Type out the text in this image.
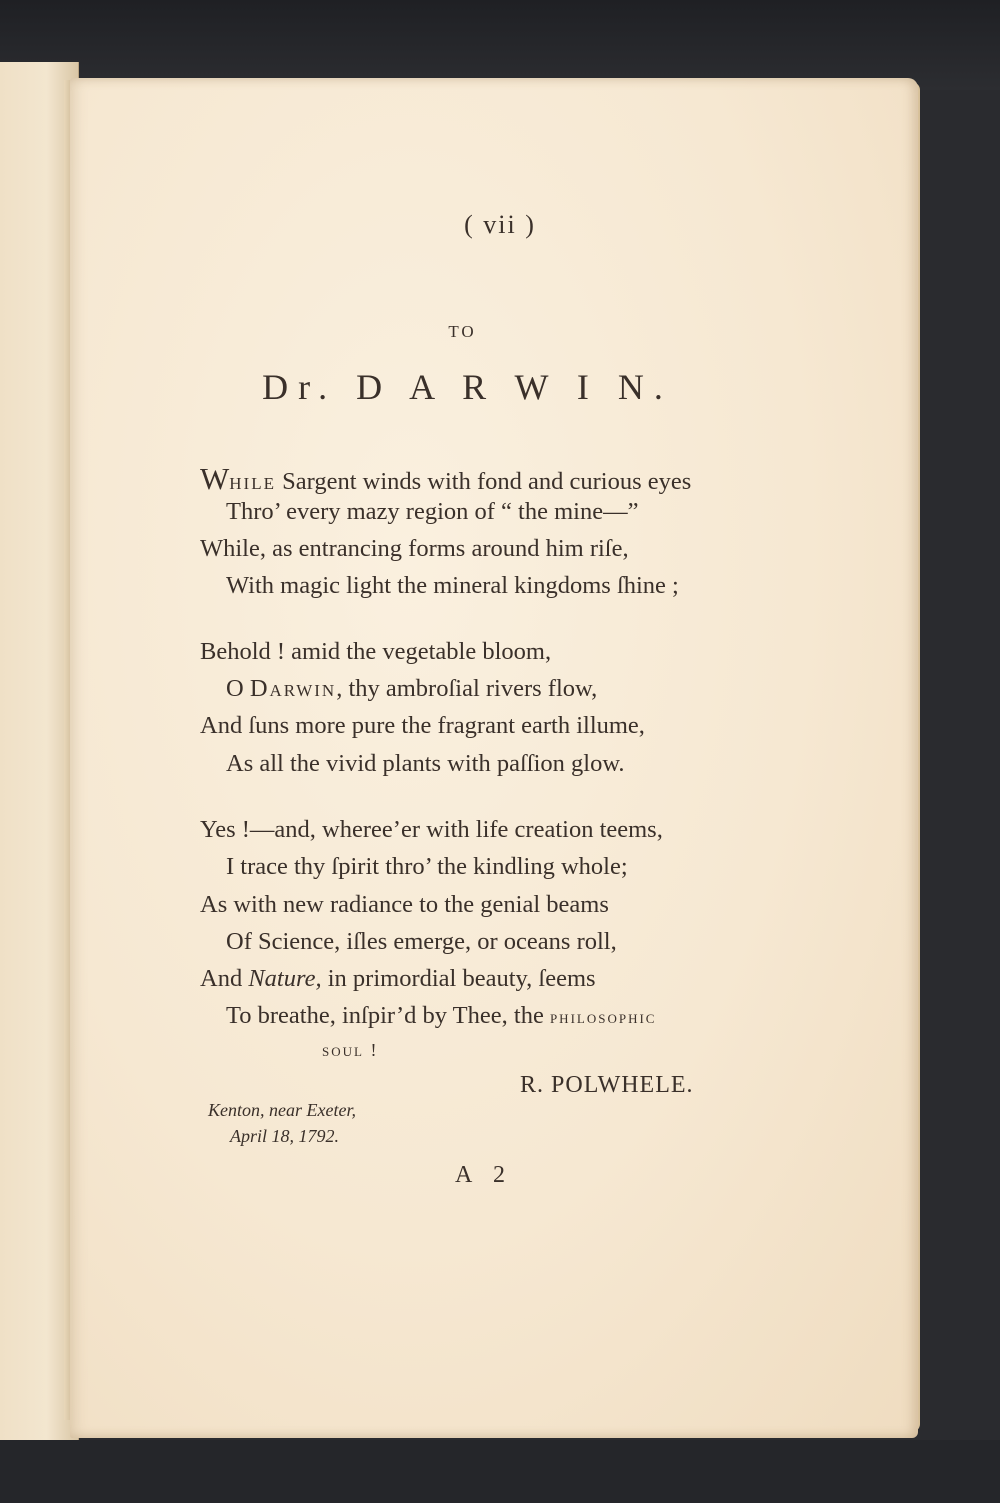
( vii )
TO
Dr. D A R W I N.
While Sargent winds with fond and curious eyes
Thro’ every mazy region of “ the mine—”
While, as entrancing forms around him riſe,
With magic light the mineral kingdoms ſhine ;
Behold ! amid the vegetable bloom,
O Darwin, thy ambroſial rivers flow,
And ſuns more pure the fragrant earth illume,
As all the vivid plants with paſſion glow.
Yes !—and, wheree’er with life creation teems,
I trace thy ſpirit thro’ the kindling whole;
As with new radiance to the genial beams
Of Science, iſles emerge, or oceans roll,
And Nature, in primordial beauty, ſeems
To breathe, inſpir’d by Thee, the philosophic
soul !
R. POLWHELE.
Kenton, near Exeter,
April 18, 1792.
A 2
